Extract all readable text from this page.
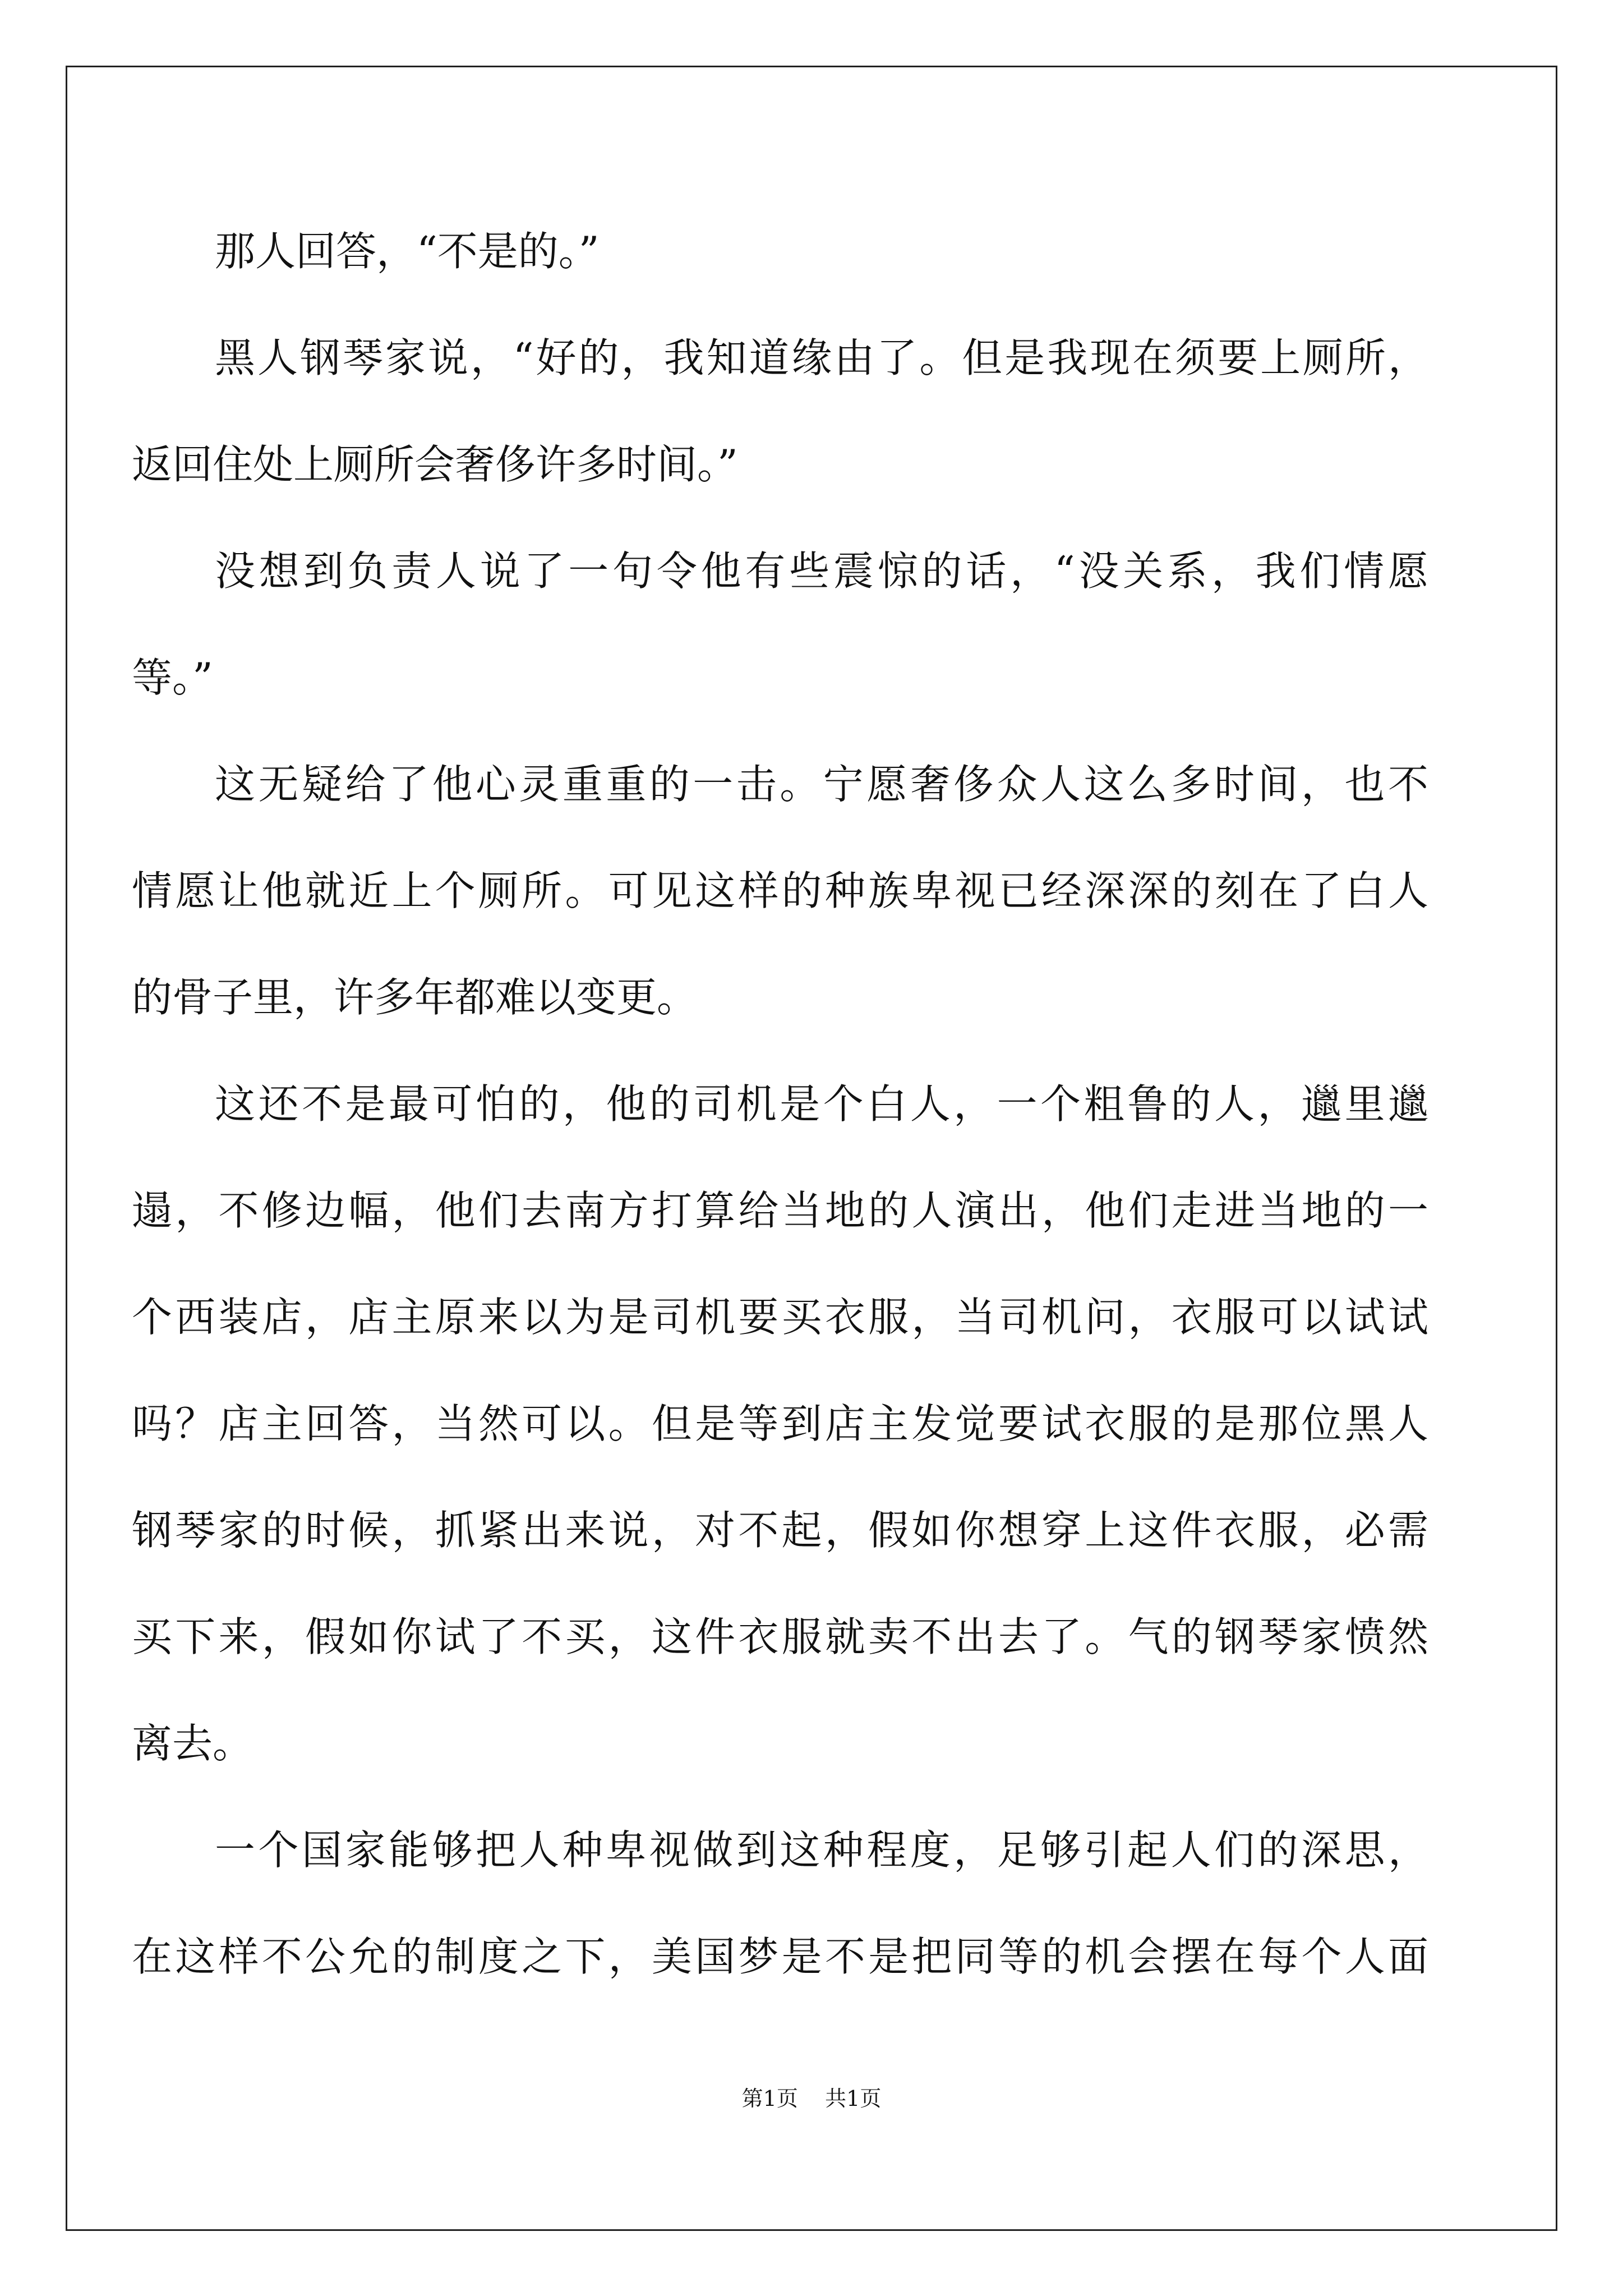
那人回答，“不是的。”
黑人钢琴家说，“好的，我知道缘由了。但是我现在须要上厕所，
返回住处上厕所会奢侈许多时间。”
没想到负责人说了一句令他有些震惊的话，“没关系，我们情愿
等。”
这无疑给了他心灵重重的一击。宁愿奢侈众人这么多时间，也不
情愿让他就近上个厕所。可见这样的种族卑视已经深深的刻在了白人
的骨子里，许多年都难以变更。
这还不是最可怕的，他的司机是个白人，一个粗鲁的人，邋里邋
遢，不修边幅，他们去南方打算给当地的人演出，他们走进当地的一
个西装店，店主原来以为是司机要买衣服，当司机问，衣服可以试试
吗？店主回答，当然可以。但是等到店主发觉要试衣服的是那位黑人
钢琴家的时候，抓紧出来说，对不起，假如你想穿上这件衣服，必需
买下来，假如你试了不买，这件衣服就卖不出去了。气的钢琴家愤然
离去。
一个国家能够把人种卑视做到这种程度，足够引起人们的深思，
在这样不公允的制度之下，美国梦是不是把同等的机会摆在每个人面
第1页    共1页
